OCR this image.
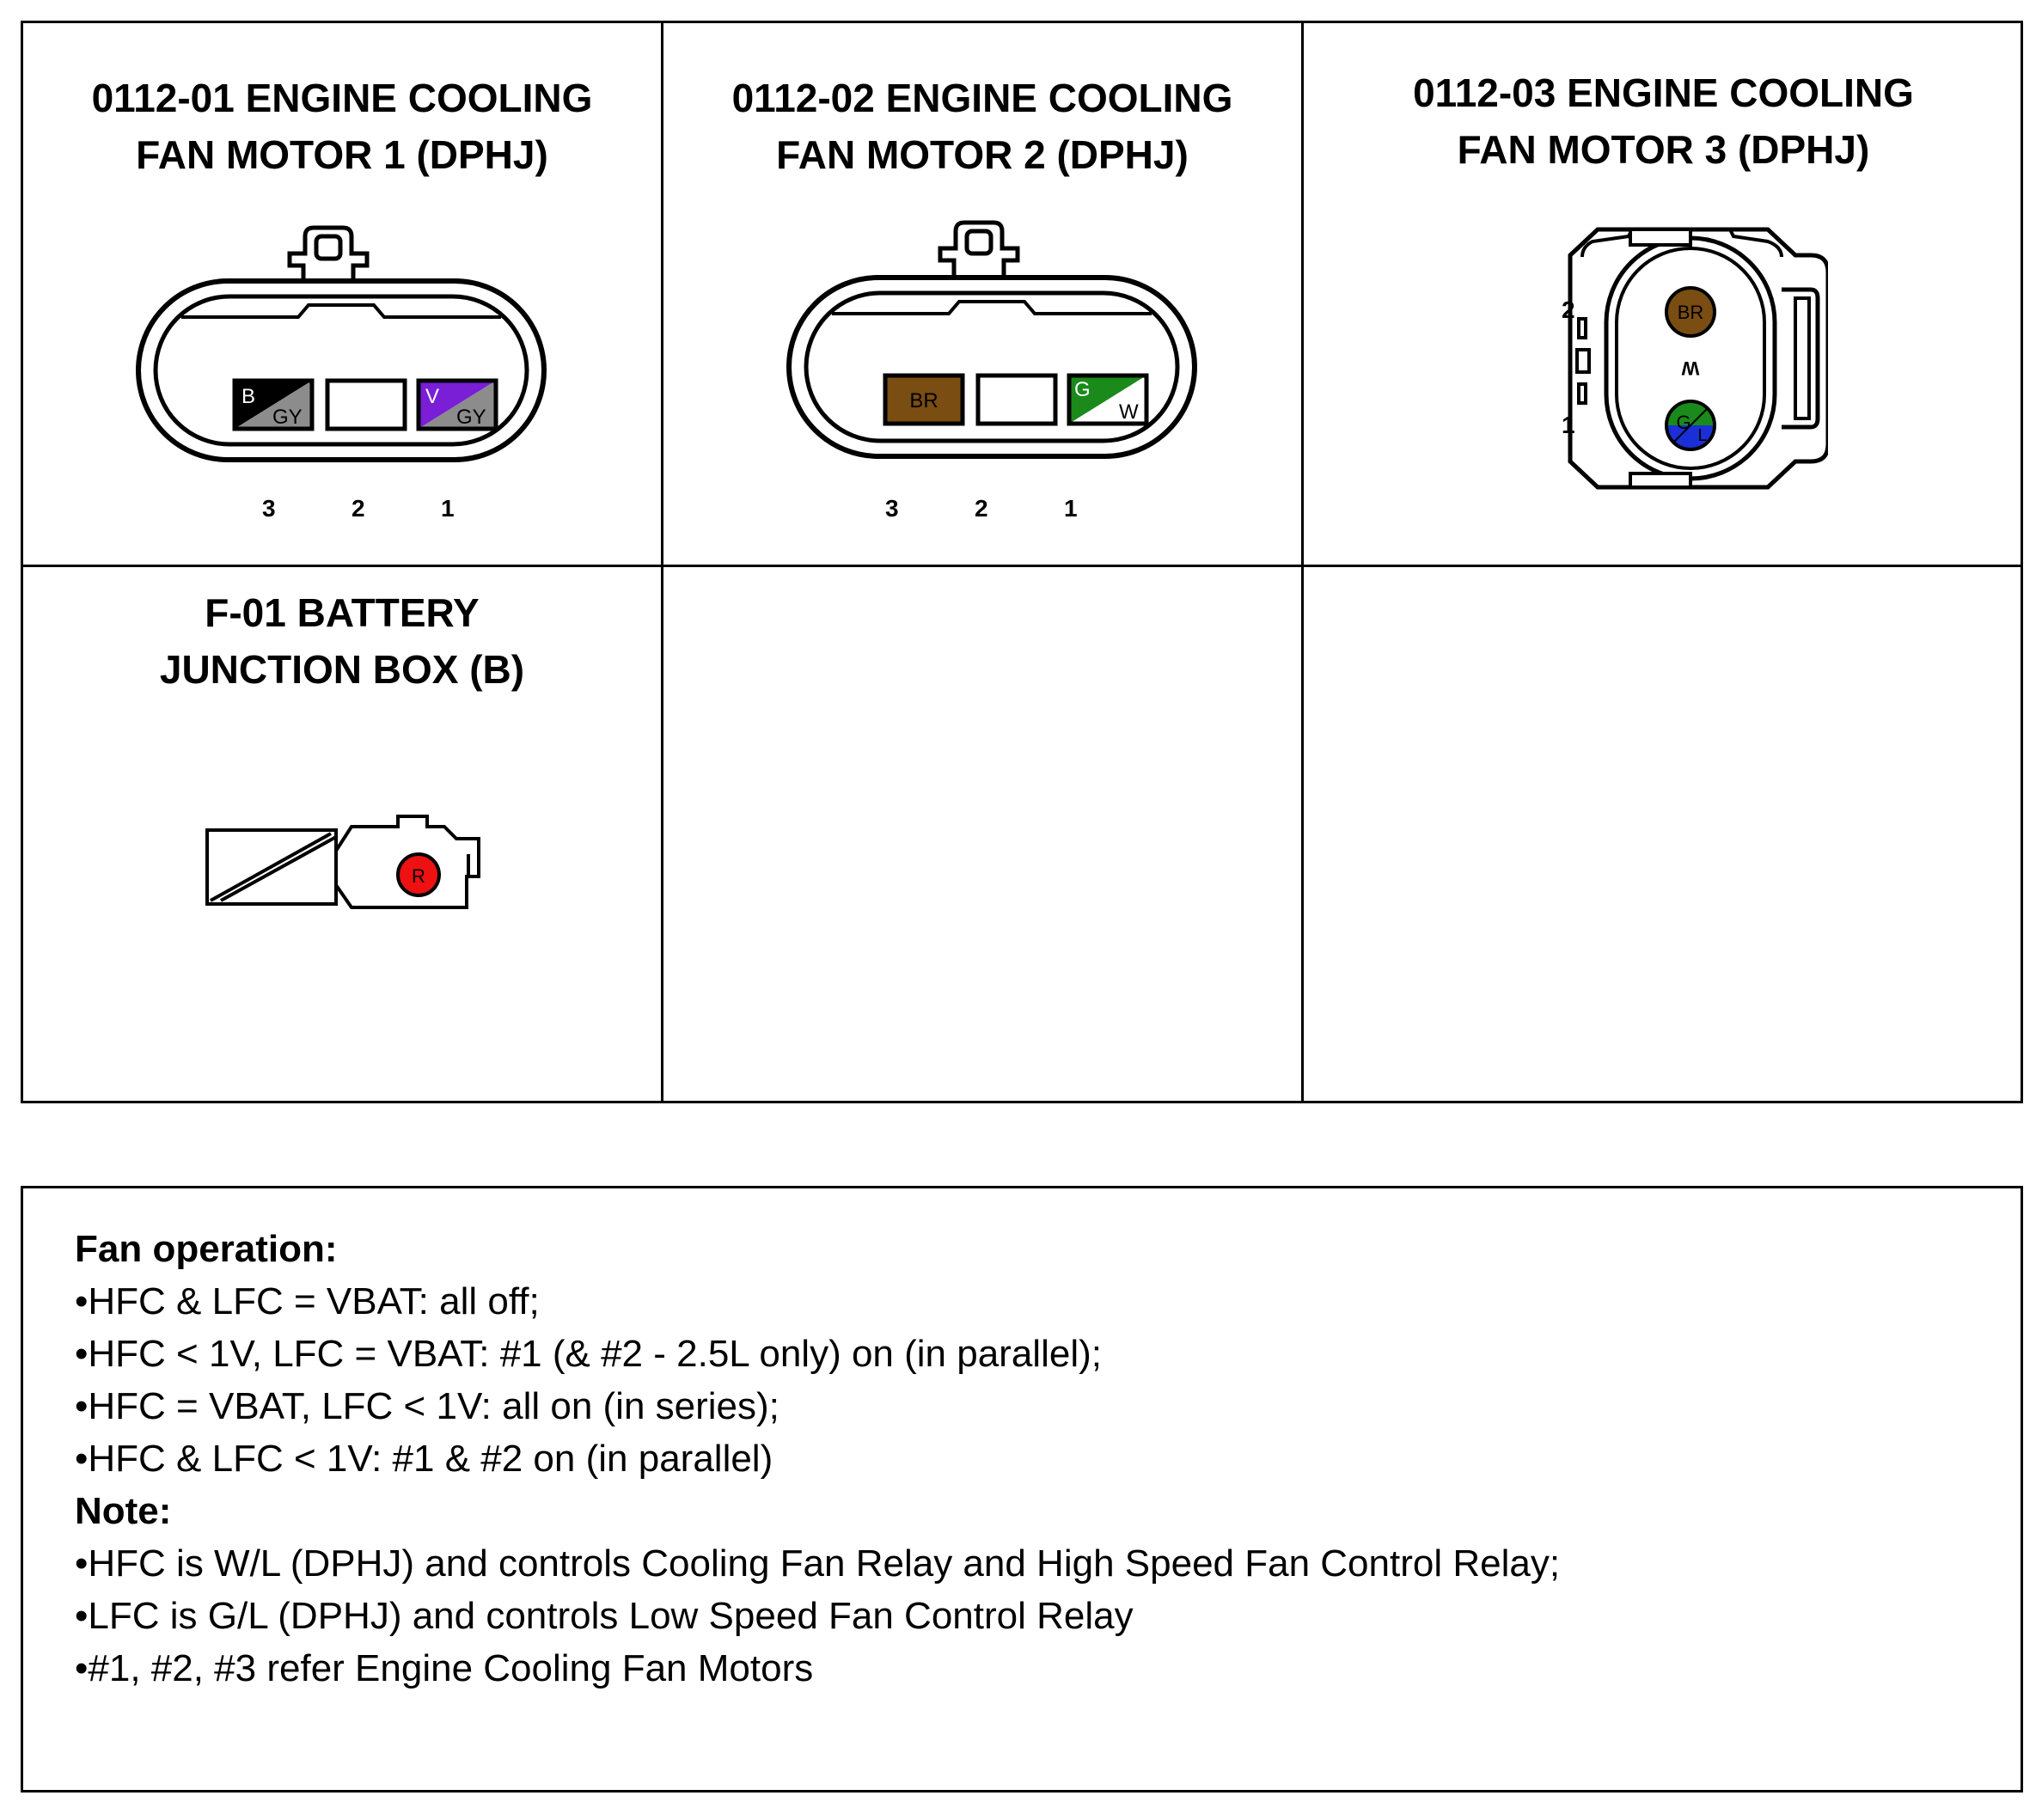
0112-01 ENGINE COOLING
FAN MOTOR 1 (DPHJ)
B
GY
V
GY
3	2	1
0112-02 ENGINE COOLING
FAN MOTOR 2 (DPHJ)
BR	G
W
3	2	1
0112-03 ENGINE COOLING
FAN MOTOR 3 (DPHJ)
BR
W
G
L
2
1
F-01 BATTERY
JUNCTION BOX (B)
R
Fan operation:
•HFC & LFC = VBAT: all off;
•HFC < 1V, LFC = VBAT: #1 (& #2 - 2.5L only) on (in parallel);
•HFC = VBAT, LFC < 1V: all on (in series);
•HFC & LFC < 1V: #1 & #2 on (in parallel)
Note:
•HFC is W/L (DPHJ) and controls Cooling Fan Relay and High Speed Fan Control Relay;
•LFC is G/L (DPHJ) and controls Low Speed Fan Control Relay
•#1, #2, #3 refer Engine Cooling Fan Motors
